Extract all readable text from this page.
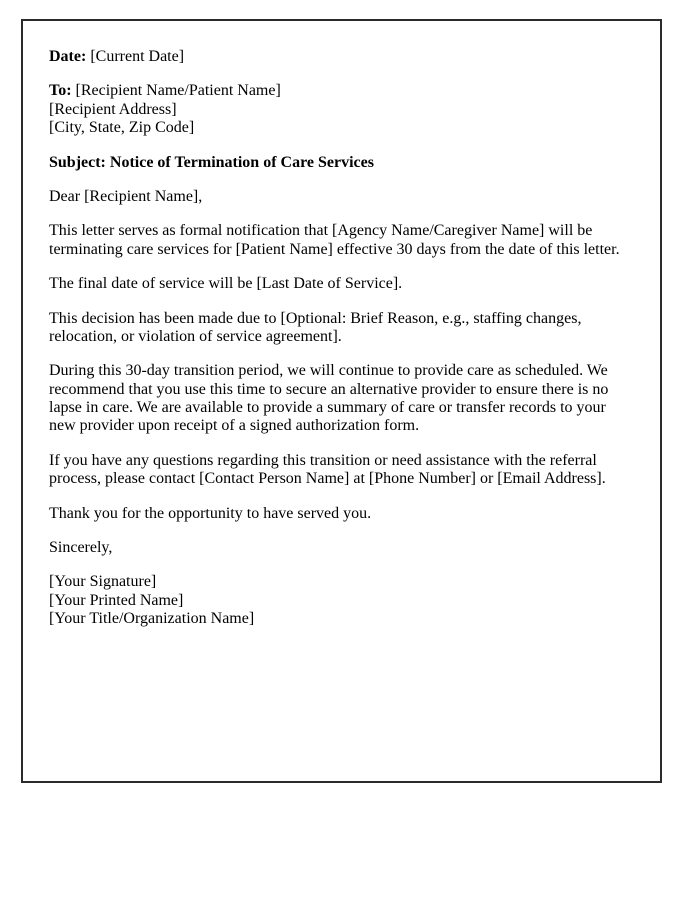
Date: [Current Date]

To: [Recipient Name/Patient Name]
[Recipient Address]
[City, State, Zip Code]

Subject: Notice of Termination of Care Services

Dear [Recipient Name],

This letter serves as formal notification that [Agency Name/Caregiver Name] will be terminating care services for [Patient Name] effective 30 days from the date of this letter.

The final date of service will be [Last Date of Service].

This decision has been made due to [Optional: Brief Reason, e.g., staffing changes, relocation, or violation of service agreement].

During this 30-day transition period, we will continue to provide care as scheduled. We recommend that you use this time to secure an alternative provider to ensure there is no lapse in care. We are available to provide a summary of care or transfer records to your new provider upon receipt of a signed authorization form.

If you have any questions regarding this transition or need assistance with the referral process, please contact [Contact Person Name] at [Phone Number] or [Email Address].

Thank you for the opportunity to have served you.

Sincerely,

[Your Signature]
[Your Printed Name]
[Your Title/Organization Name]
